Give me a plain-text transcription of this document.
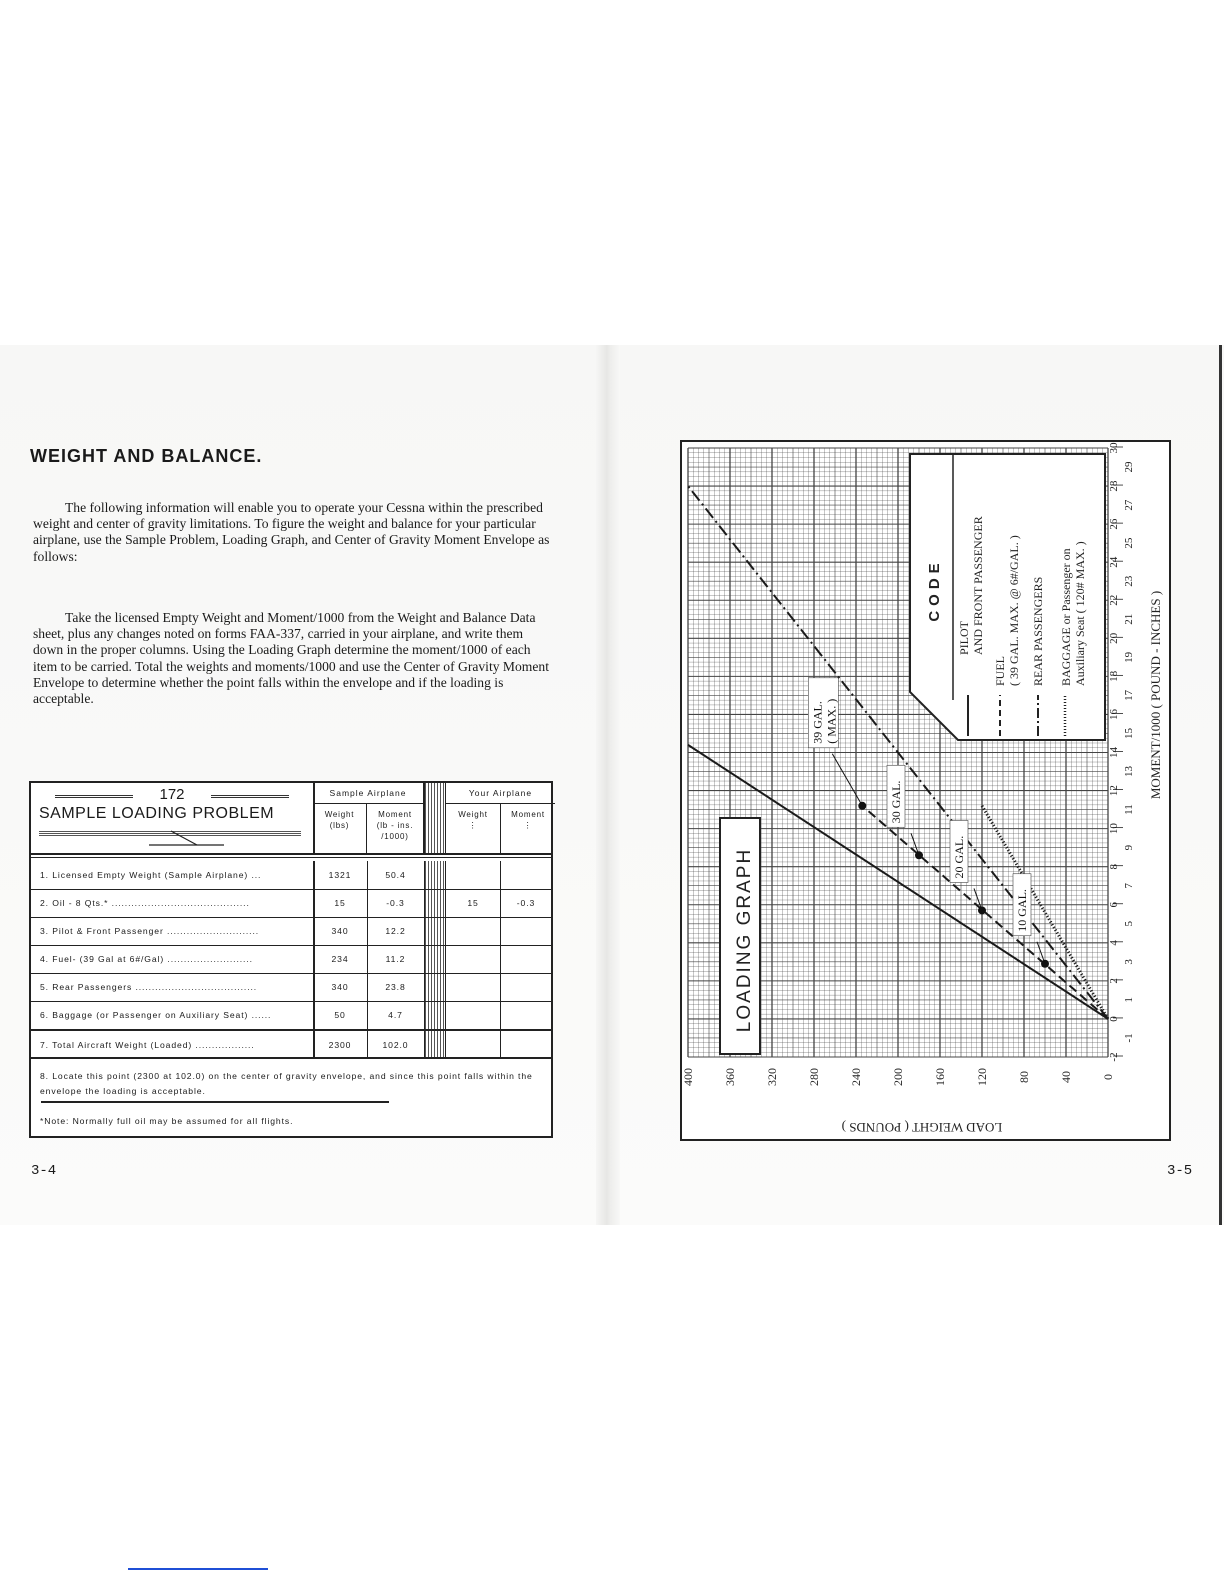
WEIGHT AND BALANCE.

The following information will enable you to operate your Cessna within the prescribed weight and center of gravity limitations. To figure the weight and balance for your particular airplane, use the Sample Problem, Loading Graph, and Center of Gravity Moment Envelope as follows:

Take the licensed Empty Weight and Moment/1000 from the Weight and Balance Data sheet, plus any changes noted on forms FAA-337, carried in your airplane, and write them down in the proper columns. Using the Loading Graph determine the moment/1000 of each item to be carried. Total the weights and moments/1000 and use the Center of Gravity Moment Envelope to determine whether the point falls within the envelope and if the loading is acceptable.

172
SAMPLE LOADING PROBLEM
Sample Airplane
Weight
(lbs)
Moment
(lb - ins.
/1000)
Your Airplane
Weight
⋮
Moment
⋮
1. Licensed Empty Weight (Sample Airplane) ...	1321	50.4
2. Oil - 8 Qts.* ..........................................	15	-0.3	15	-0.3
3. Pilot & Front Passenger ............................	340	12.2
4. Fuel- (39 Gal at 6#/Gal) ..........................	234	11.2
5. Rear Passengers .....................................	340	23.8
6. Baggage (or Passenger on Auxiliary Seat) ......	50	4.7
7. Total Aircraft Weight (Loaded) ..................	2300	102.0
8. Locate this point (2300 at 102.0) on the center of gravity envelope, and since this point falls within the envelope the loading is acceptable.
*Note: Normally full oil may be assumed for all flights.
3-4	3-5
10 GAL.
20 GAL.
30 GAL.
39 GAL. ( MAX. )
-2
-1
0
1
2
3
4
5
6
7
8
9
10
11
12
13
14
15
16
17
18
19
20
21
22
23
24
25
26
27
28
29
30
0
40
80
120
160
200
240
280
320
360
400
LOADING GRAPH
CODE
PILOT AND FRONT PASSENGER
FUEL ( 39 GAL. MAX. @ 6#/GAL. ) REAR PASSENGERS BAGGAGE or Passenger on Auxiliary Seat ( 120# MAX. )	MOMENT/1000 ( POUND - INCHES )
LOAD WEIGHT ( POUNDS )
